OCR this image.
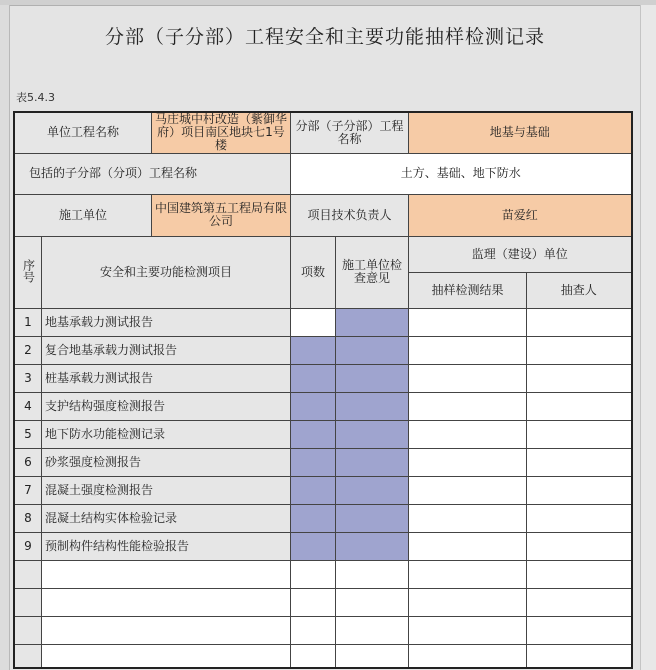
分部（子分部）工程安全和主要功能抽样检测记录
表5.4.3
单位工程名称		马庄城中村改造（紫御华府）项目南区地块七1号楼	分部（子分部）工程名称		地基与基础	
包括的子分部（分项）工程名称			土方、基础、地下防水			
施工单位		中国建筑第五工程局有限公司	项目技术负责人		苗爱红	
序号	安全和主要功能检测项目		项数	施工单位检查意见	监理（建设）单位	
					抽样检测结果	抽查人
1	地基承载力测试报告					
2	复合地基承载力测试报告					
3	桩基承载力测试报告					
4	支护结构强度检测报告					
5	地下防水功能检测记录					
6	砂浆强度检测报告					
7	混凝土强度检测报告					
8	混凝土结构实体检验记录					
9	预制构件结构性能检验报告					
